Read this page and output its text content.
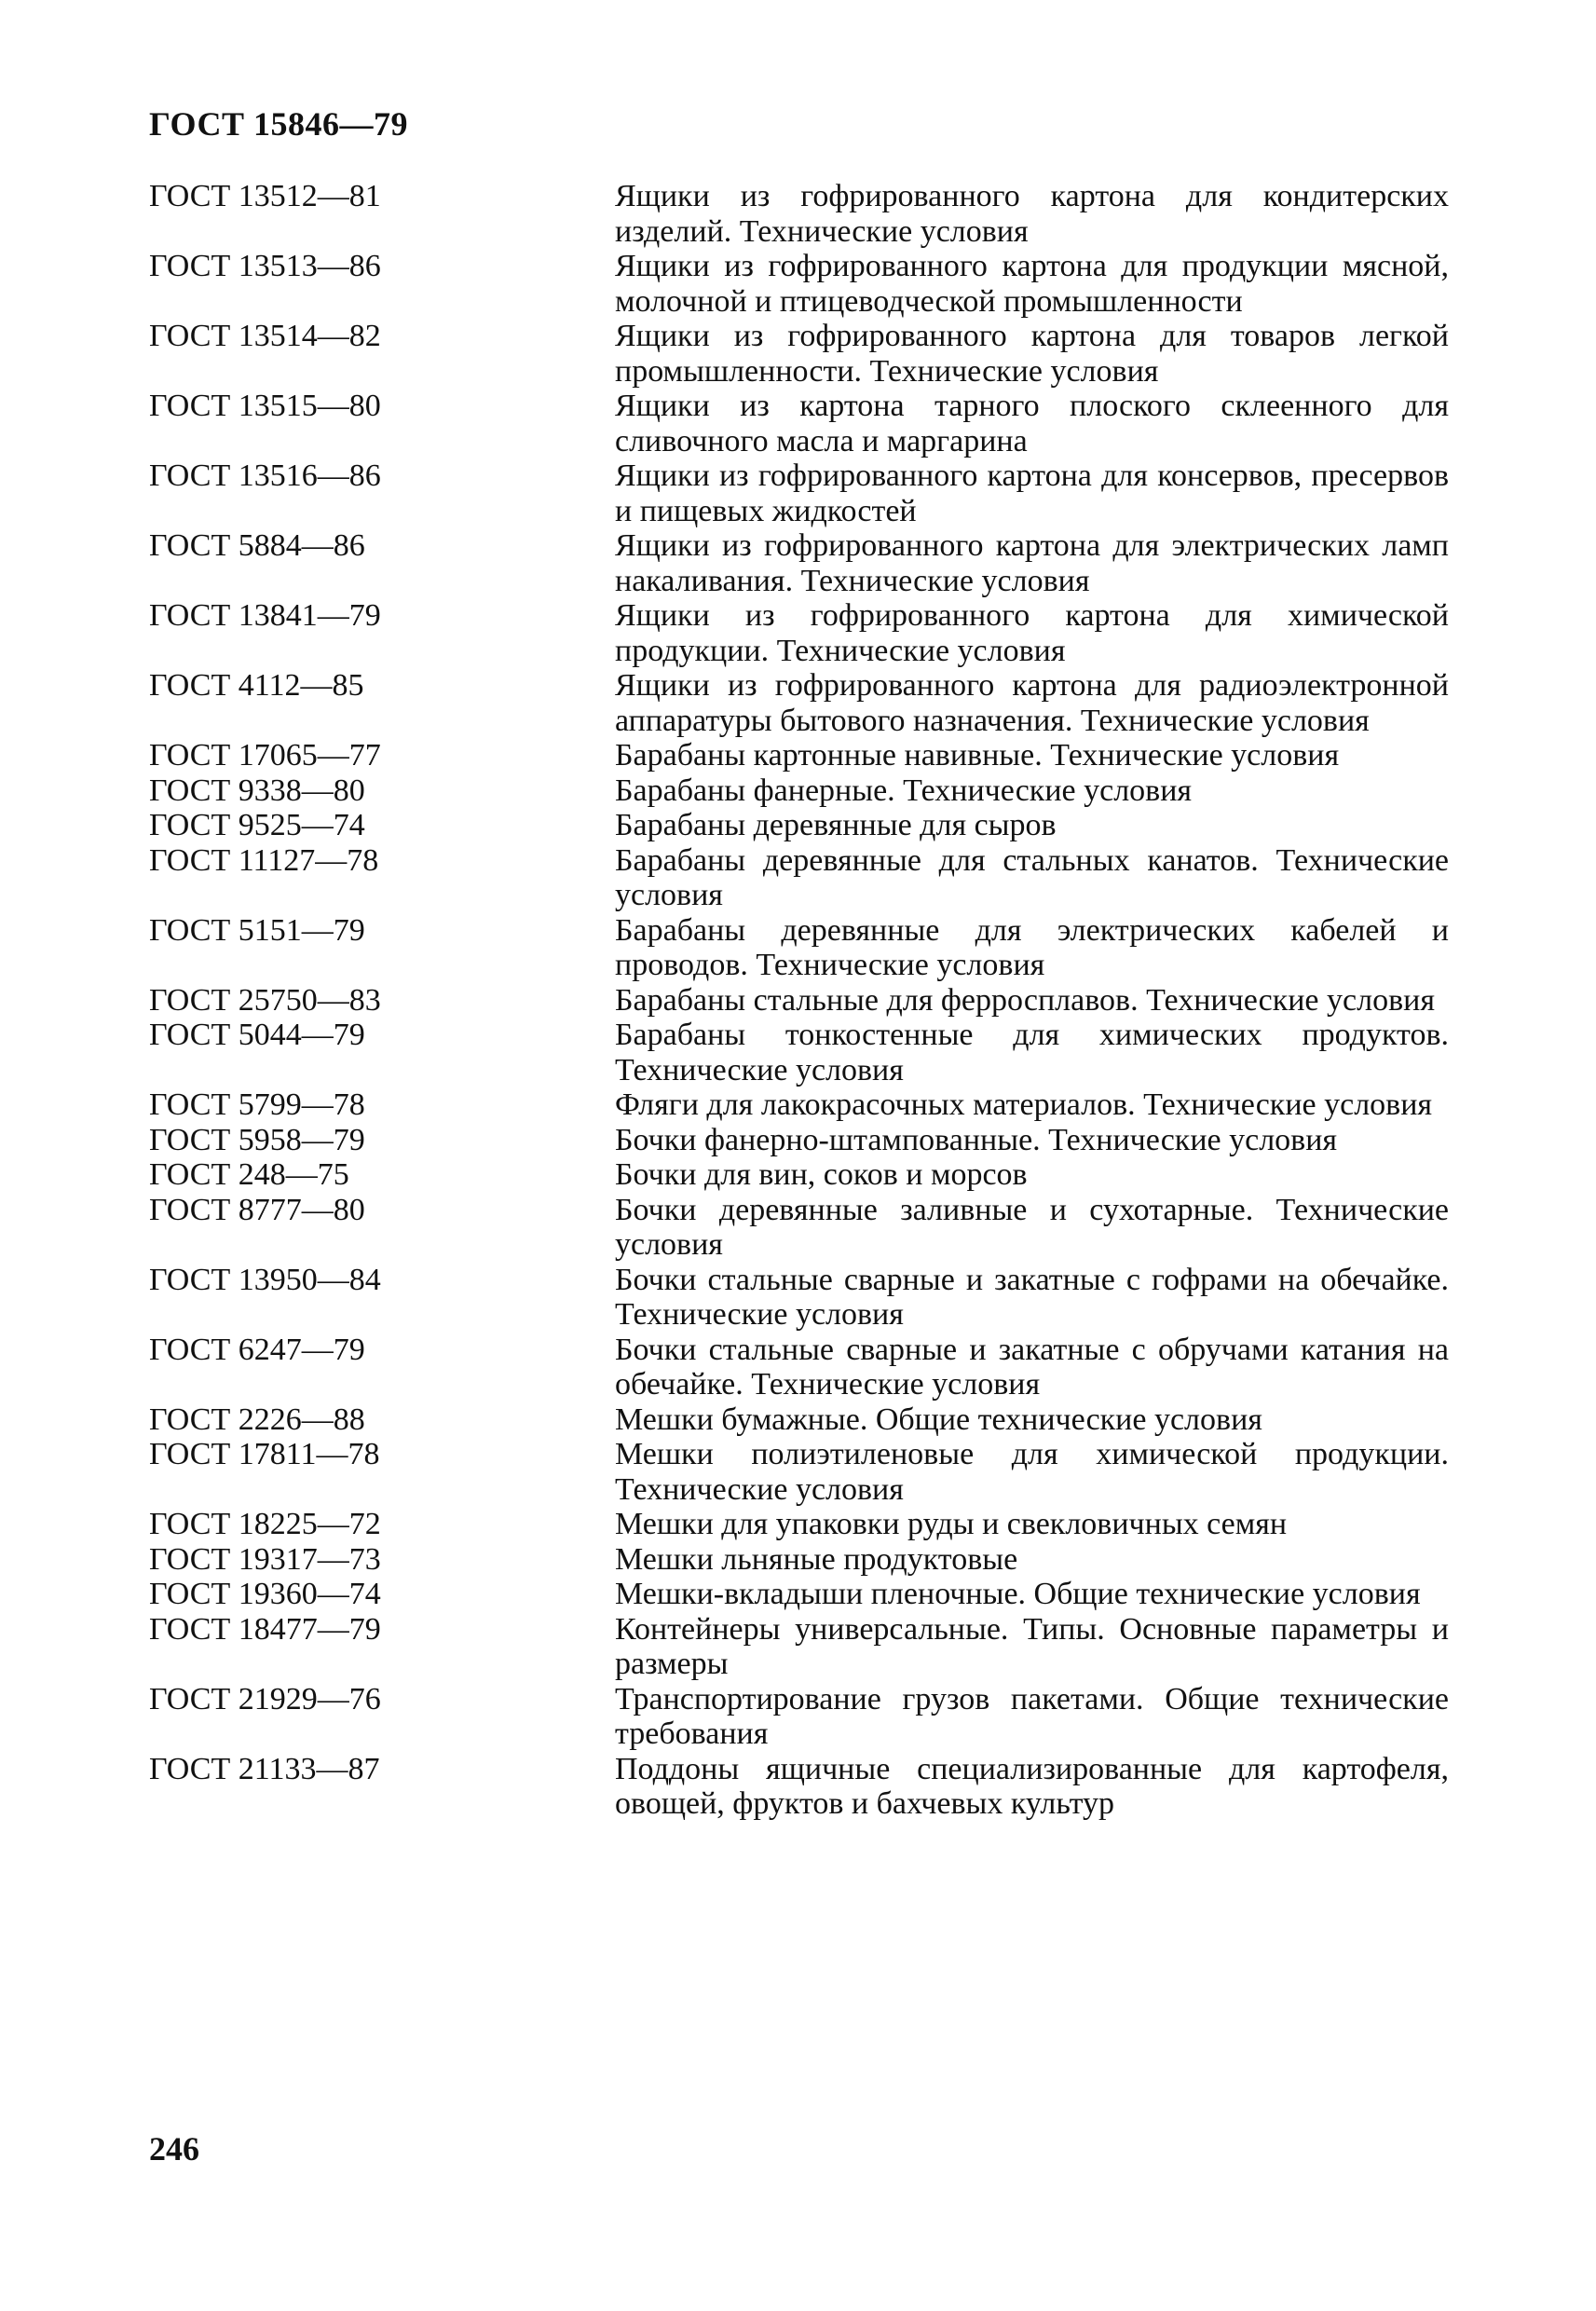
ГОСТ 15846—79
ГОСТ 13512—81	Ящики из гофрированного картона для кондитерских изделий. Технические условия
ГОСТ 13513—86	Ящики из гофрированного картона для продукции мясной, молочной и птицеводческой промышленности
ГОСТ 13514—82	Ящики из гофрированного картона для товаров легкой промышленности. Технические условия
ГОСТ 13515—80	Ящики из картона тарного плоского склеенного для сливочного масла и маргарина
ГОСТ 13516—86	Ящики из гофрированного картона для консервов, пресервов и пищевых жидкостей
ГОСТ 5884—86	Ящики из гофрированного картона для электрических ламп накаливания. Технические условия
ГОСТ 13841—79	Ящики из гофрированного картона для химической продукции. Технические условия
ГОСТ 4112—85	Ящики из гофрированного картона для радиоэлектронной аппаратуры бытового назначения. Технические условия
ГОСТ 17065—77	Барабаны картонные навивные. Технические условия
ГОСТ 9338—80	Барабаны фанерные. Технические условия
ГОСТ 9525—74	Барабаны деревянные для сыров
ГОСТ 11127—78	Барабаны деревянные для стальных канатов. Технические условия
ГОСТ 5151—79	Барабаны деревянные для электрических кабелей и проводов. Технические условия
ГОСТ 25750—83	Барабаны стальные для ферросплавов. Технические условия
ГОСТ 5044—79	Барабаны тонкостенные для химических продуктов. Технические условия
ГОСТ 5799—78	Фляги для лакокрасочных материалов. Технические условия
ГОСТ 5958—79	Бочки фанерно-штампованные. Технические условия
ГОСТ 248—75	Бочки для вин, соков и морсов
ГОСТ 8777—80	Бочки деревянные заливные и сухотарные. Технические условия
ГОСТ 13950—84	Бочки стальные сварные и закатные с гофрами на обечайке. Технические условия
ГОСТ 6247—79	Бочки стальные сварные и закатные с обручами катания на обечайке. Технические условия
ГОСТ 2226—88	Мешки бумажные. Общие технические условия
ГОСТ 17811—78	Мешки полиэтиленовые для химической продукции. Технические условия
ГОСТ 18225—72	Мешки для упаковки руды и свекловичных семян
ГОСТ 19317—73	Мешки льняные продуктовые
ГОСТ 19360—74	Мешки-вкладыши пленочные. Общие технические условия
ГОСТ 18477—79	Контейнеры универсальные. Типы. Основные параметры и размеры
ГОСТ 21929—76	Транспортирование грузов пакетами. Общие технические требования
ГОСТ 21133—87	Поддоны ящичные специализированные для картофеля, овощей, фруктов и бахчевых культур
246
